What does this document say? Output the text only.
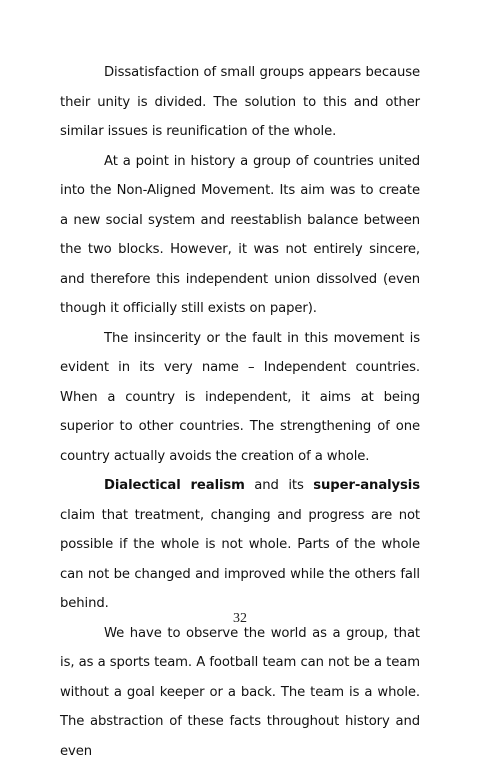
Dissatisfaction of small groups appears because their unity is divided. The solution to this and other similar issues is reunification of the whole.

At a point in history a group of countries united into the Non-Aligned Movement. Its aim was to create a new social system and reestablish balance between the two blocks. However, it was not entirely sincere, and therefore this independent union dissolved (even though it officially still exists on paper).

The insincerity or the fault in this movement is evident in its very name – Independent countries. When a country is independent, it aims at being superior to other countries. The strengthening of one country actually avoids the creation of a whole.

Dialectical realism and its super-analysis claim that treatment, changing and progress are not possible if the whole is not whole. Parts of the whole can not be changed and improved while the others fall behind.

We have to observe the world as a group, that is, as a sports team. A football team can not be a team without a goal keeper or a back. The team is a whole. The abstraction of these facts throughout history and even

32
